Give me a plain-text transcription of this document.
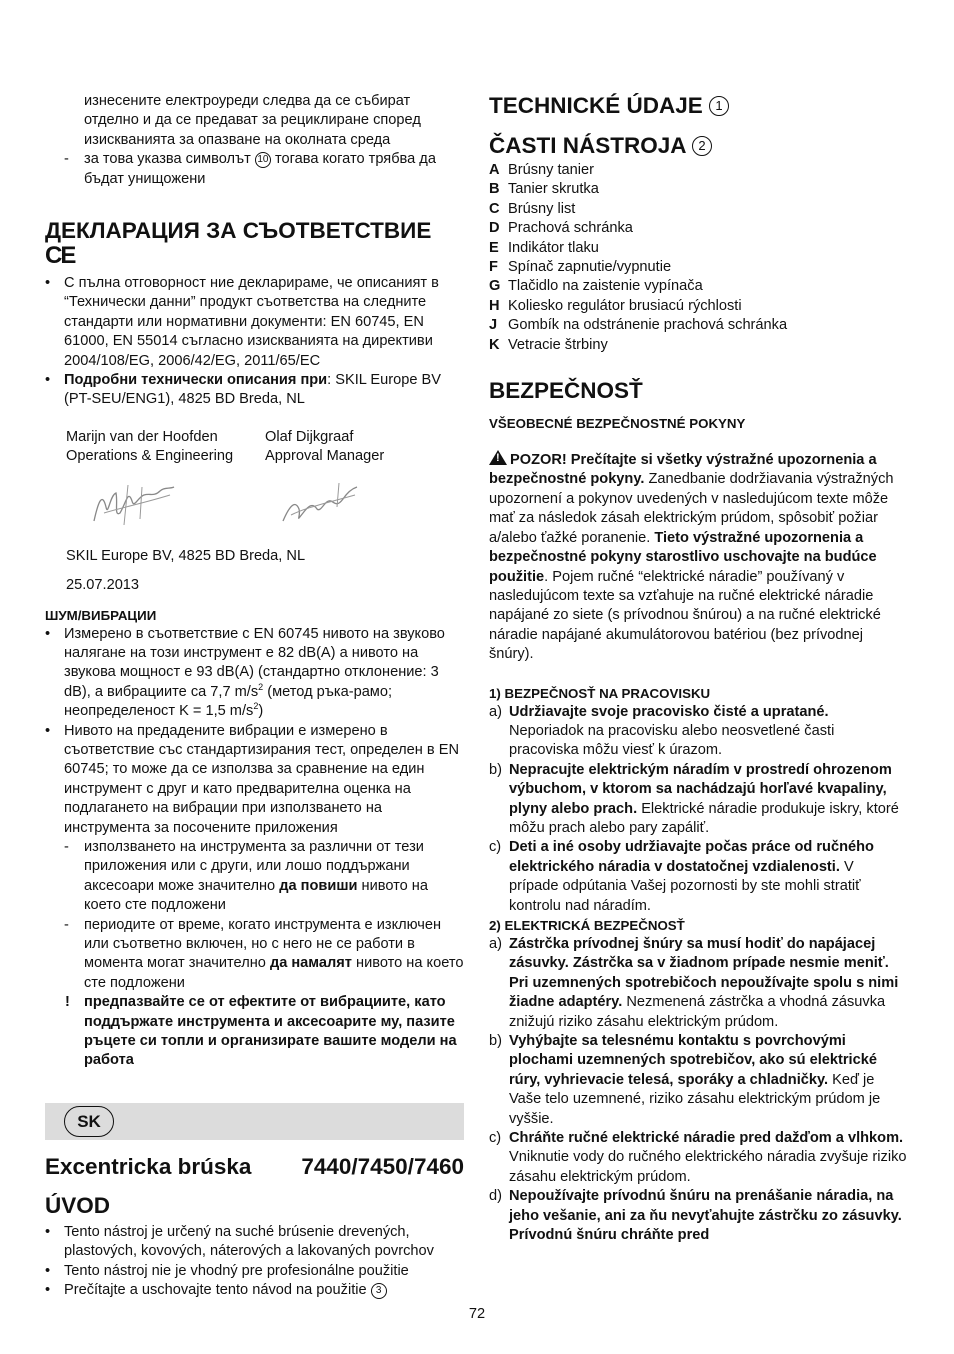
изнесените електроуреди следва да се събират отделно и да се предават за рециклиране според изискванията за опазване на околната среда

- за това указва символът 10 тогава когато трябва да бъдат унищожени

ДЕКЛАРАЦИЯ ЗА СЪОТВЕТСТВИЕ

CE

• С пълна отговорност ние декларираме, че описаният в “Технически данни” продукт съответства на следните стандарти или нормативни документи: EN 60745, EN 61000, EN 55014 съгласно изискванията на директиви 2004/108/EG, 2006/42/EG, 2011/65/EC

• Подробни технически описания при: SKIL Europe BV (PT-SEU/ENG1), 4825 BD Breda, NL

Marijn van der Hoofden

Operations & Engineering

Olaf Dijkgraaf

Approval Manager

SKIL Europe BV, 4825 BD Breda, NL

25.07.2013

ШУМ/ВИБРАЦИИ

• Измерено в съответствие с EN 60745 нивото на звуково налягане на този инструмент е 82 dB(A) а нивото на звукова мощност е 93 dB(A) (стандартно отклонение: 3 dB), а вибрациите са 7,7 $m/s^2$ (метод ръка-рамо; неопределеност K = 1,5 $m/s^2$)

• Нивото на предадените вибрации е измерено в съответствие със стандартизирания тест, определен в EN 60745; то може да се използва за сравнение на един инструмент с друг и като предварителна оценка на подлагането на вибрации при използването на инструмента за посочените приложения

- използването на инструмента за различни от тези приложения или с други, или лошо поддържани аксесоари може значително да повиши нивото на което сте подложени

- периодите от време, когато инструмента е изключен или съответно включен, но с него не се работи в момента могат значително да намалят нивото на което сте подложени

! предпазвайте се от ефектите от вибрациите, като поддържате инструмента и аксесоарите му, пазите ръцете си топли и организирате вашите модели на работа

SK
Excentricka brúska 7440/7450/7460

ÚVOD

• Tento nástroj je určený na suché brúsenie drevených, plastových, kovových, náterových a lakovaných povrchov

• Tento nástroj nie je vhodný pre profesionálne použitie

• Prečítajte a uschovajte tento návod na použitie 3

TECHNICKÉ ÚDAJE 1

ČASTI NÁSTROJA 2

A Brúsny tanier

B Tanier skrutka

C Brúsny list

D Prachová schránka

E Indikátor tlaku

F Spínač zapnutie/vypnutie

G Tlačidlo na zaistenie vypínača

H Koliesko regulátor brusiacú rýchlosti

J Gombík na odstránenie prachová schránka

K Vetracie štrbiny

BEZPEČNOSŤ

VŠEOBECNÉ BEZPEČNOSTNÉ POKYNY

!POZOR! Prečítajte si všetky výstražné upozornenia a bezpečnostné pokyny. Zanedbanie dodržiavania výstražných upozornení a pokynov uvedených v nasledujúcom texte môže mať za následok zásah elektrickým prúdom, spôsobiť požiar a/alebo ťažké poranenie. Tieto výstražné upozornenia a bezpečnostné pokyny starostlivo uschovajte na budúce použitie. Pojem ručné “elektrické náradie” používaný v nasledujúcom texte sa vzťahuje na ručné elektrické náradie napájané zo siete (s prívodnou šnúrou) a na ručné elektrické náradie napájané akumulátorovou batériou (bez prívodnej šnúry).

1) BEZPEČNOSŤ NA PRACOVISKU

a) Udržiavajte svoje pracovisko čisté a upratané.
Neporiadok na pracovisku alebo neosvetlené časti pracoviska môžu viesť k úrazom.

b) Nepracujte elektrickým náradím v prostredí ohrozenom výbuchom, v ktorom sa nachádzajú horľavé kvapaliny, plyny alebo prach. Elektrické náradie produkuje iskry, ktoré môžu prach alebo pary zapáliť.

c) Deti a iné osoby udržiavajte počas práce od ručného elektrického náradia v dostatočnej vzdialenosti. V prípade odpútania Vašej pozornosti by ste mohli stratiť kontrolu nad náradím.

2) ELEKTRICKÁ BEZPEČNOSŤ

a) Zástrčka prívodnej šnúry sa musí hodiť do napájacej zásuvky. Zástrčka sa v žiadnom prípade nesmie meniť. Pri uzemnených spotrebičoch nepoužívajte spolu s nimi žiadne adaptéry. Nezmenená zástrčka a vhodná zásuvka znižujú riziko zásahu elektrickým prúdom.

b) Vyhýbajte sa telesnému kontaktu s povrchovými plochami uzemnených spotrebičov, ako sú elektrické rúry, vyhrievacie telesá, sporáky a chladničky. Keď je Vaše telo uzemnené, riziko zásahu elektrickým prúdom je vyššie.

c) Chráňte ručné elektrické náradie pred dažďom a vlhkom. Vniknutie vody do ručného elektrického náradia zvyšuje riziko zásahu elektrickým prúdom.

d) Nepoužívajte prívodnú šnúru na prenášanie náradia, na jeho vešanie, ani za ňu nevyťahujte zástrčku zo zásuvky. Prívodnú šnúru chráňte pred

72
